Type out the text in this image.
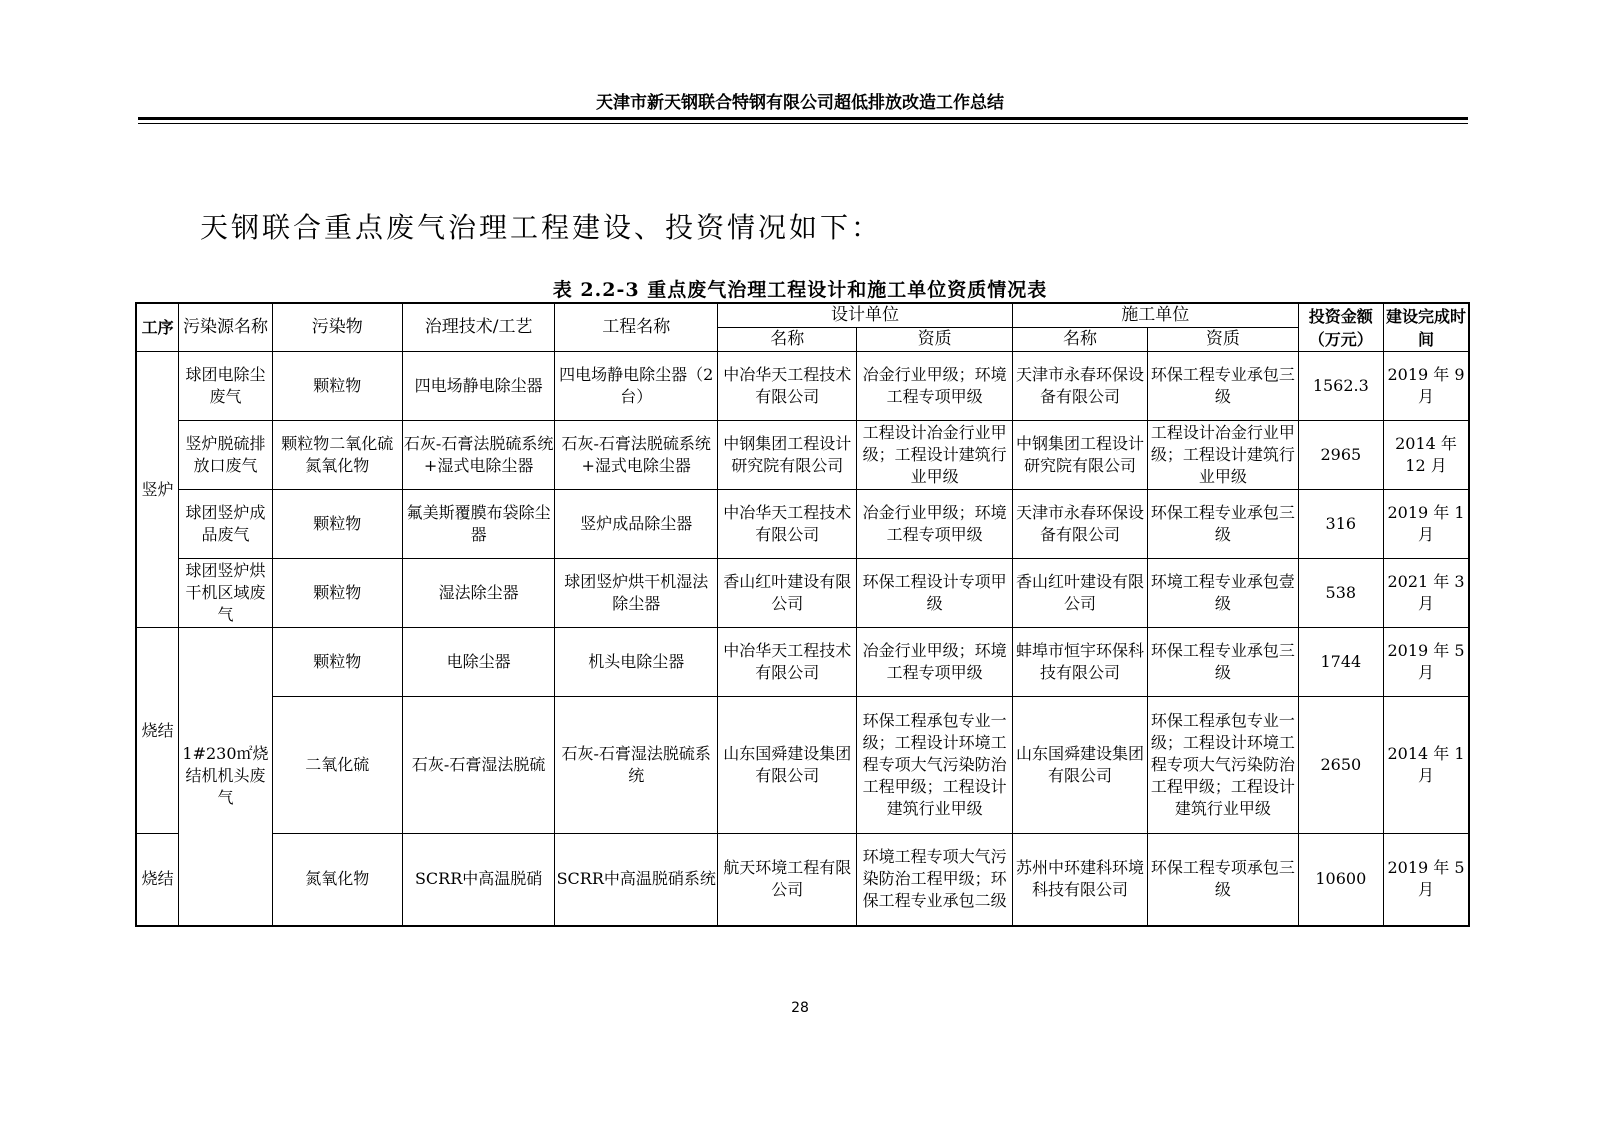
天津市新天钢联合特钢有限公司超低排放改造工作总结
天钢联合重点废气治理工程建设、投资情况如下：
表 2.2-3 重点废气治理工程设计和施工单位资质情况表
工序	污染源名称	污染物	治理技术/工艺	工程名称	设计单位		施工单位		投资金额（万元）	建设完成时间
					名称	资质	名称	资质		
竖炉	球团电除尘废气	颗粒物	四电场静电除尘器	四电场静电除尘器（2台）	中冶华天工程技术有限公司	冶金行业甲级；环境工程专项甲级	天津市永春环保设备有限公司	环保工程专业承包三级	1562.3	2019 年 9 月
	竖炉脱硫排放口废气	颗粒物二氧化硫氮氧化物	石灰-石膏法脱硫系统+湿式电除尘器	石灰-石膏法脱硫系统+湿式电除尘器	中钢集团工程设计研究院有限公司	工程设计冶金行业甲级；工程设计建筑行业甲级	中钢集团工程设计研究院有限公司	工程设计冶金行业甲级；工程设计建筑行业甲级	2965	2014 年 12 月
	球团竖炉成品废气	颗粒物	氟美斯覆膜布袋除尘器	竖炉成品除尘器	中冶华天工程技术有限公司	冶金行业甲级；环境工程专项甲级	天津市永春环保设备有限公司	环保工程专业承包三级	316	2019 年 1 月
	球团竖炉烘干机区域废气	颗粒物	湿法除尘器	球团竖炉烘干机湿法除尘器	香山红叶建设有限公司	环保工程设计专项甲级	香山红叶建设有限公司	环境工程专业承包壹级	538	2021 年 3 月
烧结	1#230㎡烧结机机头废气	颗粒物	电除尘器	机头电除尘器	中冶华天工程技术有限公司	冶金行业甲级；环境工程专项甲级	蚌埠市恒宇环保科技有限公司	环保工程专业承包三级	1744	2019 年 5 月
		二氧化硫	石灰-石膏湿法脱硫	石灰-石膏湿法脱硫系统	山东国舜建设集团有限公司	环保工程承包专业一级；工程设计环境工程专项大气污染防治工程甲级；工程设计建筑行业甲级	山东国舜建设集团有限公司	环保工程承包专业一级；工程设计环境工程专项大气污染防治工程甲级；工程设计建筑行业甲级	2650	2014 年 1 月
烧结		氮氧化物	SCRR中高温脱硝	SCRR中高温脱硝系统	航天环境工程有限公司	环境工程专项大气污染防治工程甲级；环保工程专业承包二级	苏州中环建科环境科技有限公司	环保工程专项承包三级	10600	2019 年 5 月
28
